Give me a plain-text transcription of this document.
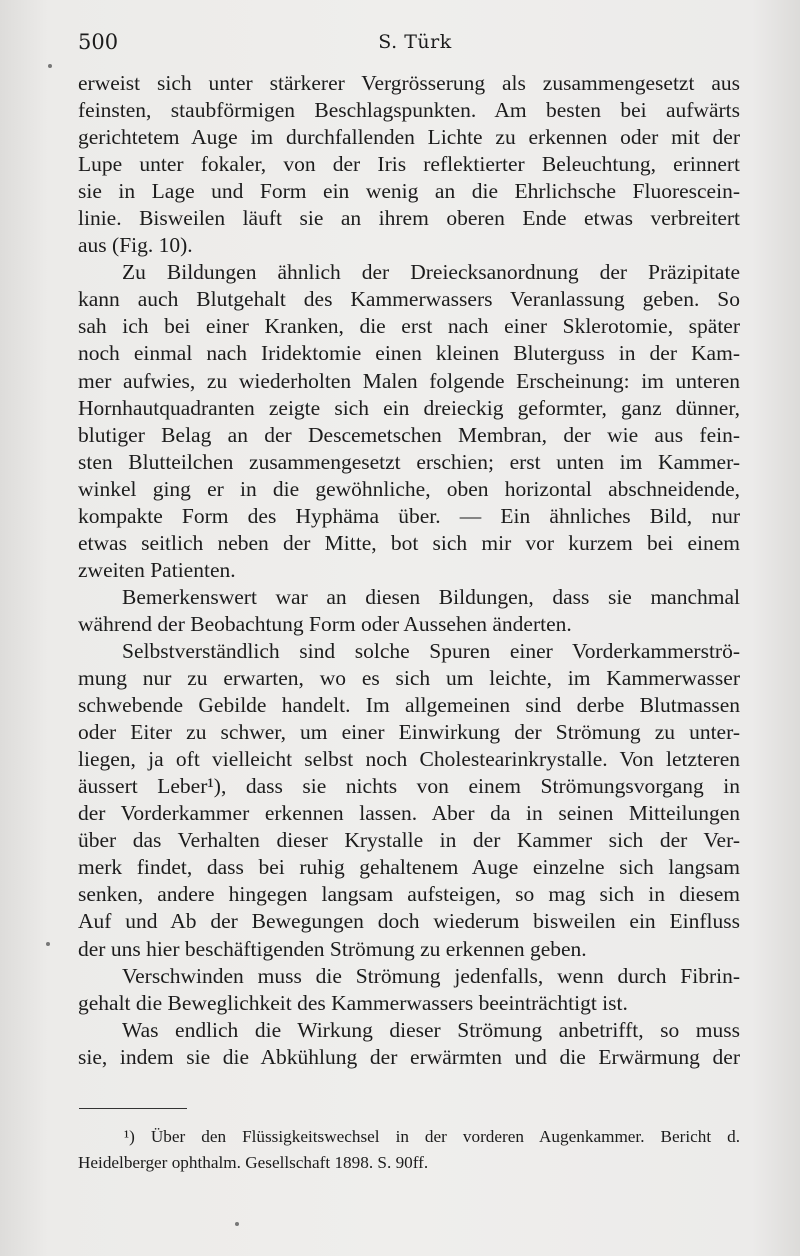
500	S. Türk
erweist sich unter stärkerer Vergrösserung als zusammengesetzt aus
feinsten, staubförmigen Beschlagspunkten. Am besten bei aufwärts
gerichtetem Auge im durchfallenden Lichte zu erkennen oder mit der
Lupe unter fokaler, von der Iris reflektierter Beleuchtung, erinnert
sie in Lage und Form ein wenig an die Ehrlichsche Fluorescein-
linie. Bisweilen läuft sie an ihrem oberen Ende etwas verbreitert
aus (Fig. 10).
Zu Bildungen ähnlich der Dreiecksanordnung der Präzipitate
kann auch Blutgehalt des Kammerwassers Veranlassung geben. So
sah ich bei einer Kranken, die erst nach einer Sklerotomie, später
noch einmal nach Iridektomie einen kleinen Bluterguss in der Kam-
mer aufwies, zu wiederholten Malen folgende Erscheinung: im unteren
Hornhautquadranten zeigte sich ein dreieckig geformter, ganz dünner,
blutiger Belag an der Descemetschen Membran, der wie aus fein-
sten Blutteilchen zusammengesetzt erschien; erst unten im Kammer-
winkel ging er in die gewöhnliche, oben horizontal abschneidende,
kompakte Form des Hyphäma über. — Ein ähnliches Bild, nur
etwas seitlich neben der Mitte, bot sich mir vor kurzem bei einem
zweiten Patienten.
Bemerkenswert war an diesen Bildungen, dass sie manchmal
während der Beobachtung Form oder Aussehen änderten.
Selbstverständlich sind solche Spuren einer Vorderkammerströ-
mung nur zu erwarten, wo es sich um leichte, im Kammerwasser
schwebende Gebilde handelt. Im allgemeinen sind derbe Blutmassen
oder Eiter zu schwer, um einer Einwirkung der Strömung zu unter-
liegen, ja oft vielleicht selbst noch Cholestearinkrystalle. Von letzteren
äussert Leber¹), dass sie nichts von einem Strömungsvorgang in
der Vorderkammer erkennen lassen. Aber da in seinen Mitteilungen
über das Verhalten dieser Krystalle in der Kammer sich der Ver-
merk findet, dass bei ruhig gehaltenem Auge einzelne sich langsam
senken, andere hingegen langsam aufsteigen, so mag sich in diesem
Auf und Ab der Bewegungen doch wiederum bisweilen ein Einfluss
der uns hier beschäftigenden Strömung zu erkennen geben.
Verschwinden muss die Strömung jedenfalls, wenn durch Fibrin-
gehalt die Beweglichkeit des Kammerwassers beeinträchtigt ist.
Was endlich die Wirkung dieser Strömung anbetrifft, so muss
sie, indem sie die Abkühlung der erwärmten und die Erwärmung der
¹) Über den Flüssigkeitswechsel in der vorderen Augenkammer. Bericht d.
Heidelberger ophthalm. Gesellschaft 1898. S. 90ff.
